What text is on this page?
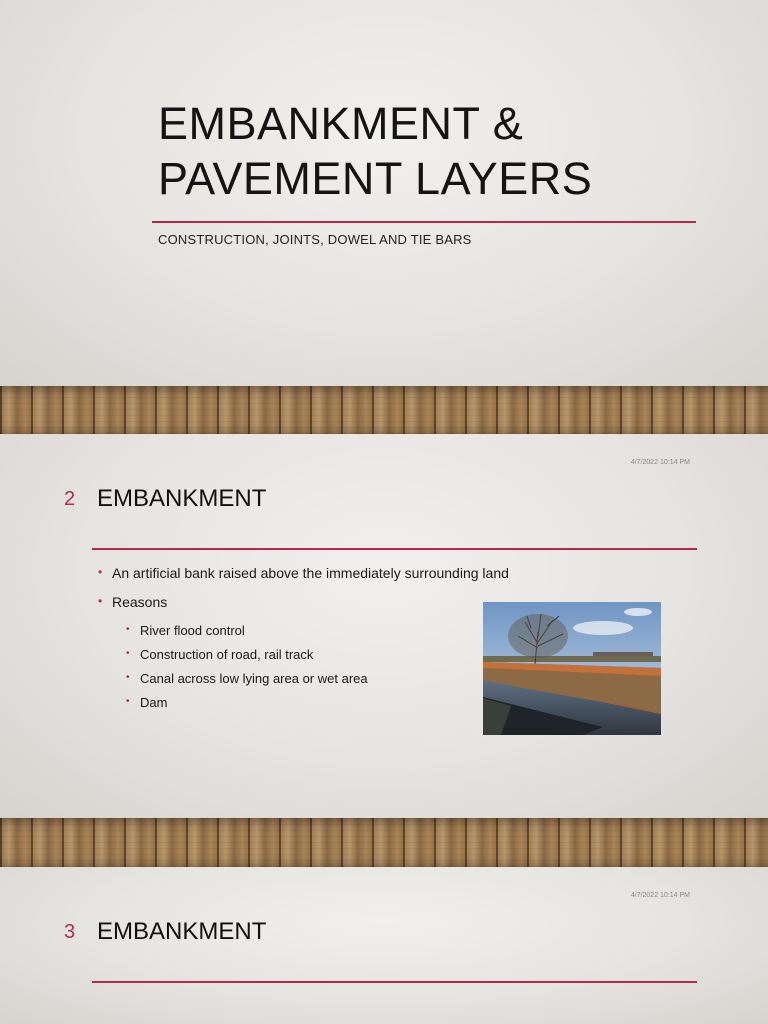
EMBANKMENT &
PAVEMENT LAYERS
CONSTRUCTION, JOINTS, DOWEL AND TIE BARS
4/7/2022 10:14 PM
2 EMBANKMENT
• An artificial bank raised above the immediately surrounding land
• Reasons
• River flood control
• Construction of road, rail track
• Canal across low lying area or wet area
• Dam
4/7/2022 10:14 PM
3 EMBANKMENT
